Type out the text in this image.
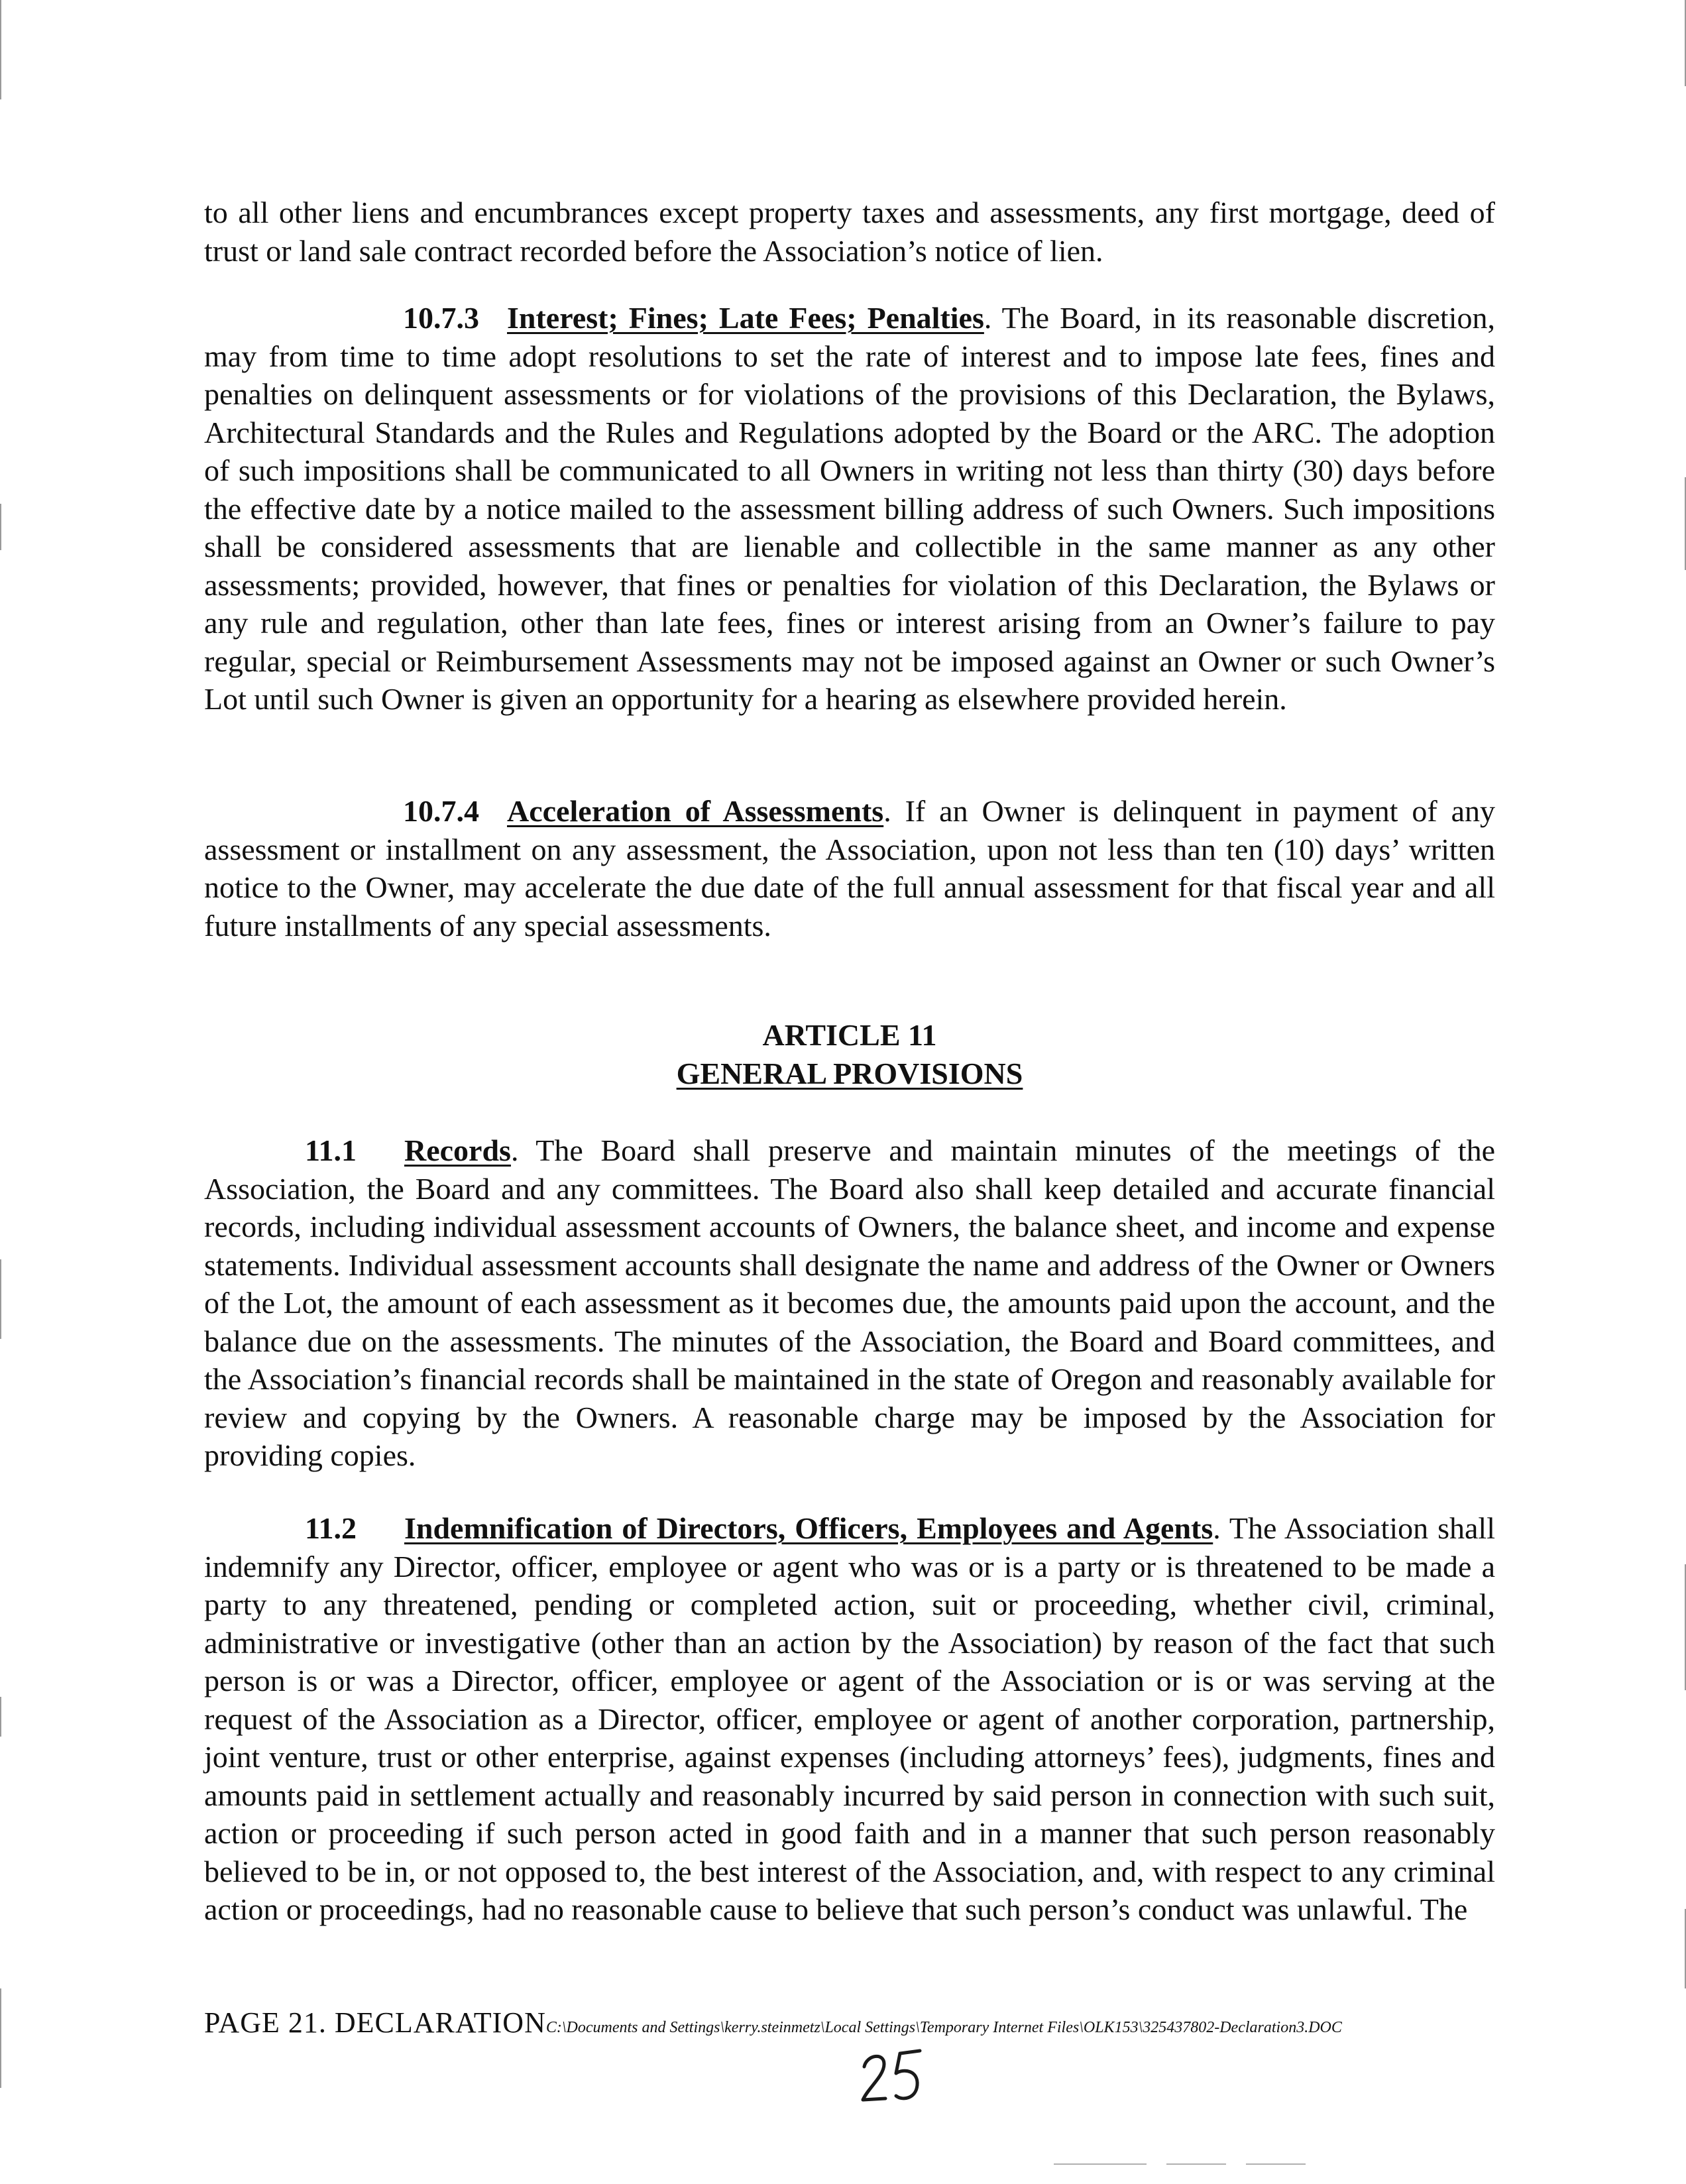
to all other liens and encumbrances except property taxes and assessments, any first mortgage, deed of trust or land sale contract recorded before the Association’s notice of lien.

10.7.3 Interest; Fines; Late Fees; Penalties. The Board, in its reasonable discretion, may from time to time adopt resolutions to set the rate of interest and to impose late fees, fines and penalties on delinquent assessments or for violations of the provisions of this Declaration, the Bylaws, Architectural Standards and the Rules and Regulations adopted by the Board or the ARC. The adoption of such impositions shall be communicated to all Owners in writing not less than thirty (30) days before the effective date by a notice mailed to the assessment billing address of such Owners. Such impositions shall be considered assessments that are lienable and collectible in the same manner as any other assessments; provided, however, that fines or penalties for violation of this Declaration, the Bylaws or any rule and regulation, other than late fees, fines or interest arising from an Owner’s failure to pay regular, special or Reimbursement Assessments may not be imposed against an Owner or such Owner’s Lot until such Owner is given an opportunity for a hearing as elsewhere provided herein.

10.7.4 Acceleration of Assessments. If an Owner is delinquent in payment of any assessment or installment on any assessment, the Association, upon not less than ten (10) days’ written notice to the Owner, may accelerate the due date of the full annual assessment for that fiscal year and all future installments of any special assessments.

ARTICLE 11
GENERAL PROVISIONS

11.1 Records. The Board shall preserve and maintain minutes of the meetings of the Association, the Board and any committees. The Board also shall keep detailed and accurate financial records, including individual assessment accounts of Owners, the balance sheet, and income and expense statements. Individual assessment accounts shall designate the name and address of the Owner or Owners of the Lot, the amount of each assessment as it becomes due, the amounts paid upon the account, and the balance due on the assessments. The minutes of the Association, the Board and Board committees, and the Association’s financial records shall be maintained in the state of Oregon and reasonably available for review and copying by the Owners. A reasonable charge may be imposed by the Association for providing copies.

11.2 Indemnification of Directors, Officers, Employees and Agents. The Association shall indemnify any Director, officer, employee or agent who was or is a party or is threatened to be made a party to any threatened, pending or completed action, suit or proceeding, whether civil, criminal, administrative or investigative (other than an action by the Association) by reason of the fact that such person is or was a Director, officer, employee or agent of the Association or is or was serving at the request of the Association as a Director, officer, employee or agent of another corporation, partnership, joint venture, trust or other enterprise, against expenses (including attorneys’ fees), judgments, fines and amounts paid in settlement actually and reasonably incurred by said person in connection with such suit, action or proceeding if such person acted in good faith and in a manner that such person reasonably believed to be in, or not opposed to, the best interest of the Association, and, with respect to any criminal action or proceedings, had no reasonable cause to believe that such person’s conduct was unlawful. The

PAGE 21. DECLARATIONC:\Documents and Settings\kerry.steinmetz\Local Settings\Temporary Internet Files\OLK153\325437802-Declaration3.DOC
